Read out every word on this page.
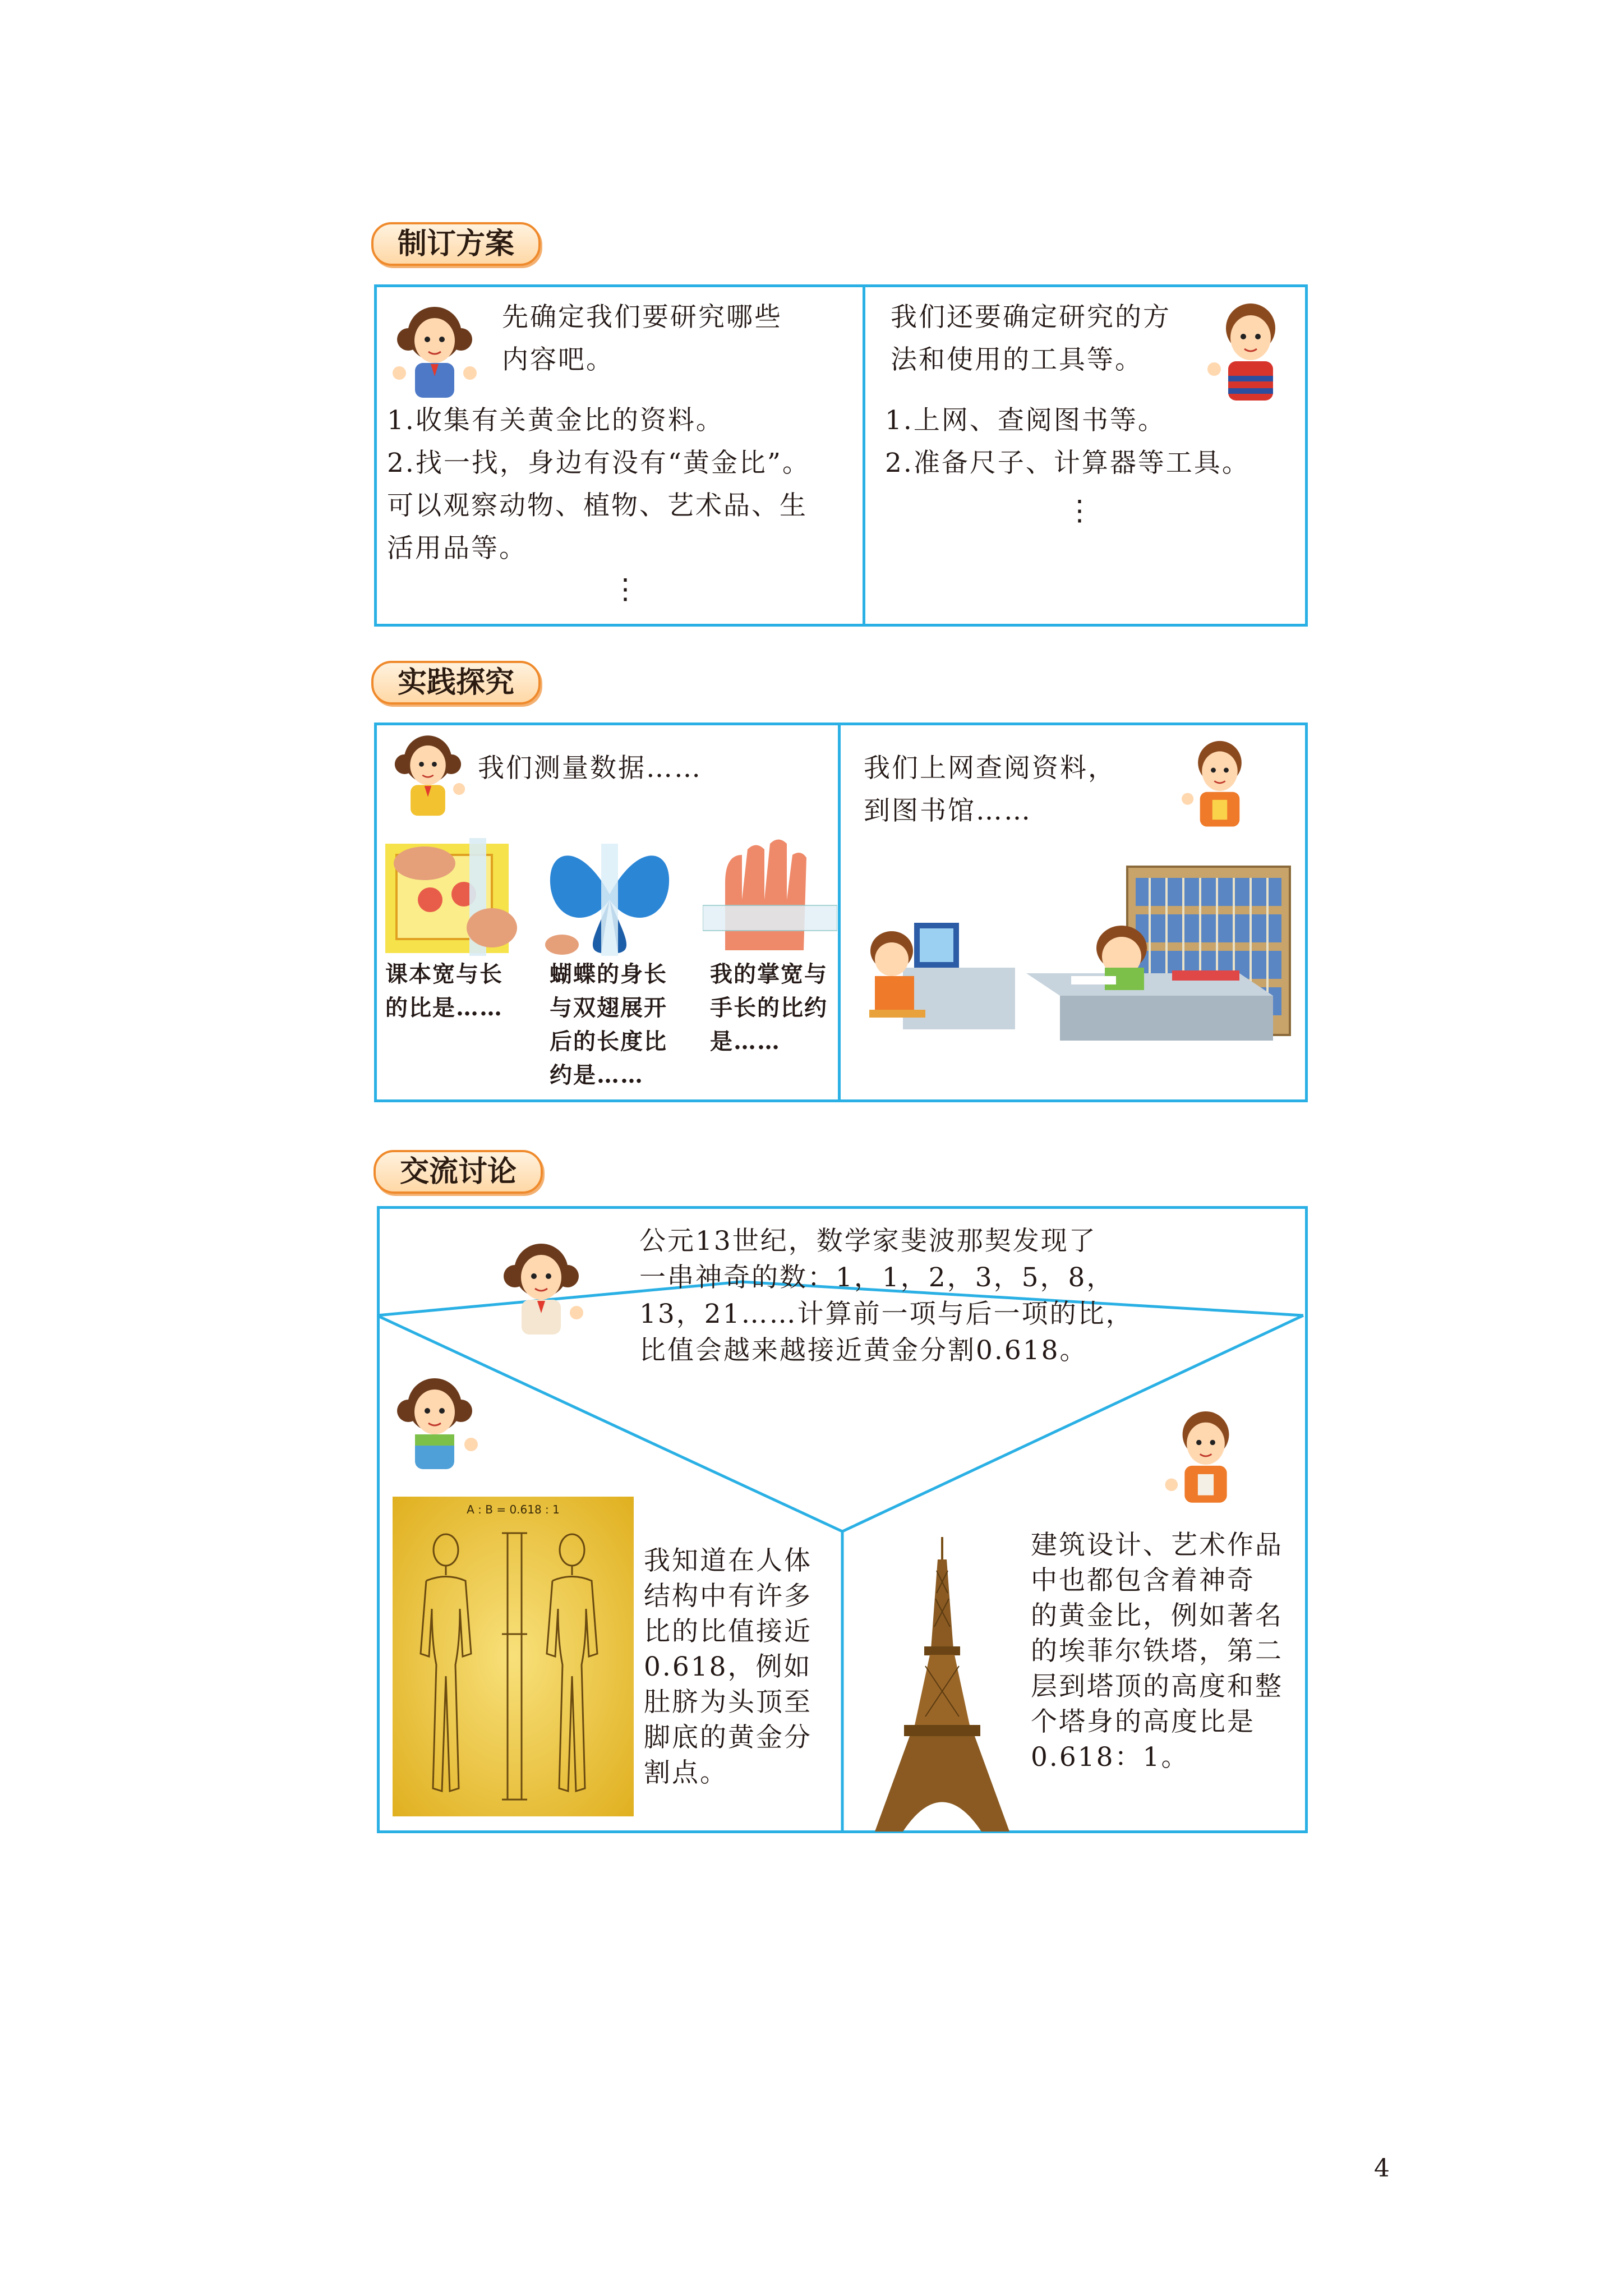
制订方案
先确定我们要研究哪些
内容吧。
1.收集有关黄金比的资料。
2.找一找，身边有没有“黄金比”。
可以观察动物、植物、艺术品、生
活用品等。
⋮
我们还要确定研究的方
法和使用的工具等。
1.上网、查阅图书等。
2.准备尺子、计算器等工具。
⋮
实践探究
我们测量数据……
课本宽与长
的比是……
蝴蝶的身长
与双翅展开
后的长度比
约是……
我的掌宽与
手长的比约
是……
我们上网查阅资料，
到图书馆……
交流讨论
公元13世纪，数学家斐波那契发现了
一串神奇的数：1，1，2，3，5，8，
13，21……计算前一项与后一项的比，
比值会越来越接近黄金分割0.618。
A : B = 0.618 : 1
我知道在人体
结构中有许多
比的比值接近
0.618，例如
肚脐为头顶至
脚底的黄金分
割点。
建筑设计、艺术作品
中也都包含着神奇
的黄金比，例如著名
的埃菲尔铁塔，第二
层到塔顶的高度和整
个塔身的高度比是
0.618：1。
4
